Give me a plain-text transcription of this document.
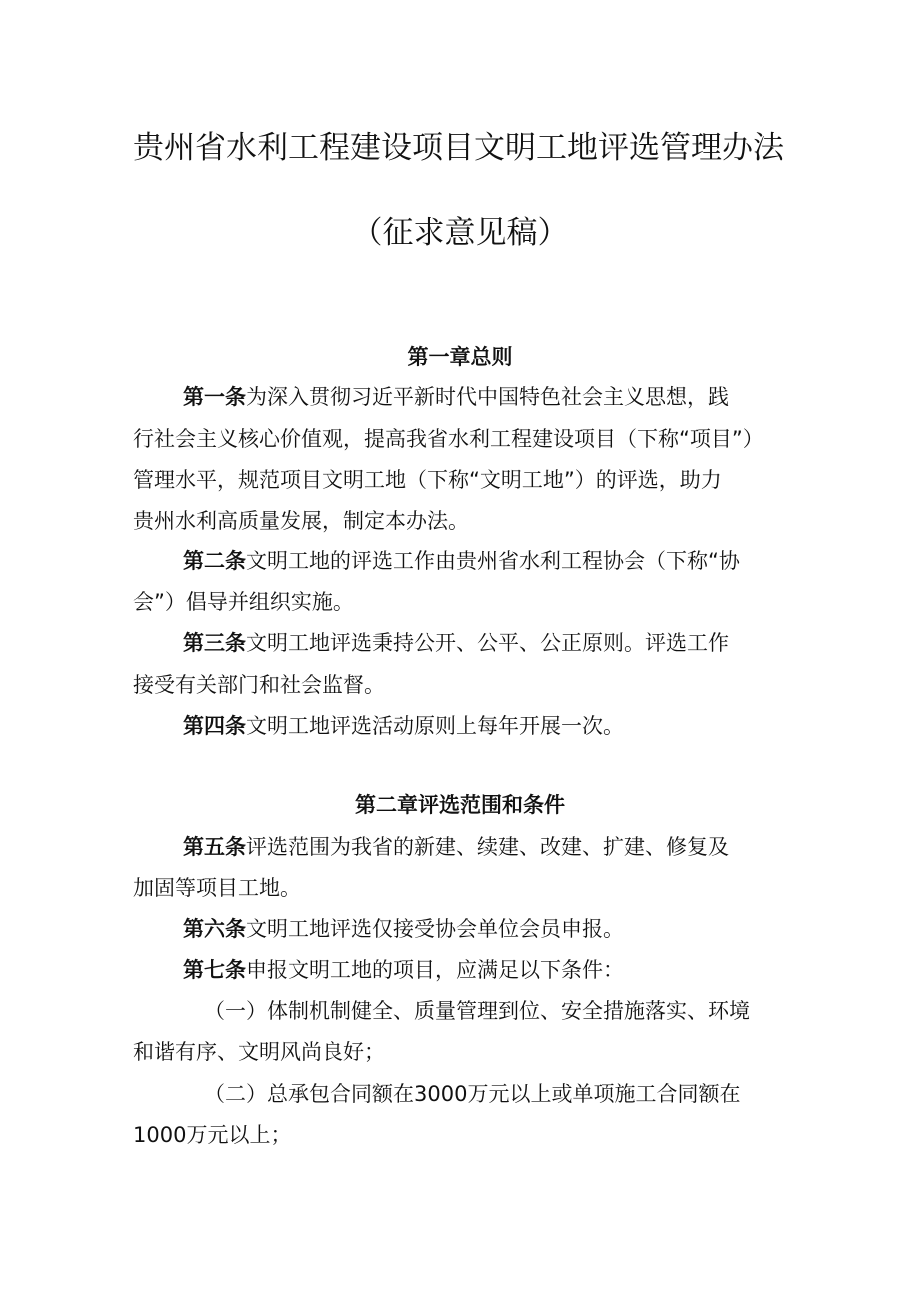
贵州省水利工程建设项目文明工地评选管理办法
（征求意见稿）
第一章总则
第一条为深入贯彻习近平新时代中国特色社会主义思想，践
行社会主义核心价值观，提高我省水利工程建设项目（下称“项目”）
管理水平，规范项目文明工地（下称“文明工地”）的评选，助力
贵州水利高质量发展，制定本办法。
第二条文明工地的评选工作由贵州省水利工程协会（下称“协
会”）倡导并组织实施。
第三条文明工地评选秉持公开、公平、公正原则。评选工作
接受有关部门和社会监督。
第四条文明工地评选活动原则上每年开展一次。
第二章评选范围和条件
第五条评选范围为我省的新建、续建、改建、扩建、修复及
加固等项目工地。
第六条文明工地评选仅接受协会单位会员申报。
第七条申报文明工地的项目，应满足以下条件：
（一）体制机制健全、质量管理到位、安全措施落实、环境
和谐有序、文明风尚良好；
（二）总承包合同额在3000万元以上或单项施工合同额在
1000万元以上；
